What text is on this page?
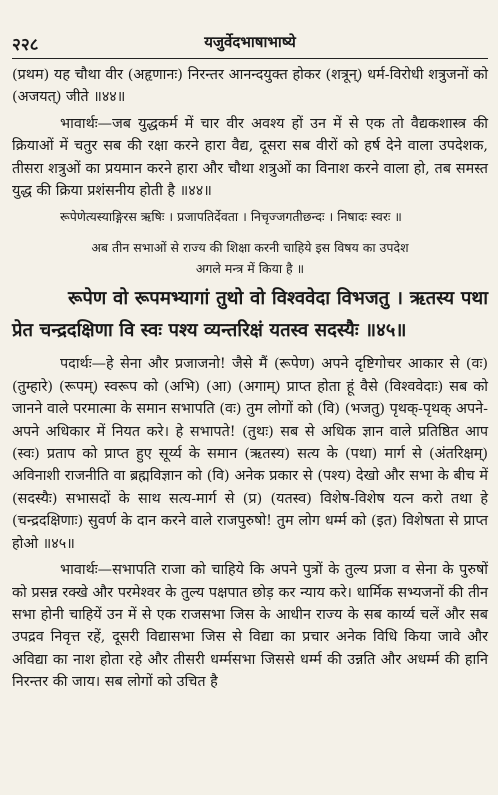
२२८	यजुर्वेदभाषाभाष्ये

(प्रथम) यह चौथा वीर (अहृणानः) निरन्तर आनन्दयुक्त होकर (शत्रून्) धर्म-विरोधी शत्रुजनों को (अजयत्) जीते ॥४४॥

भावार्थः—जब युद्धकर्म में चार वीर अवश्य हों उन में से एक तो वैद्यकशास्त्र की क्रियाओं में चतुर सब की रक्षा करने हारा वैद्य, दूसरा सब वीरों को हर्ष देने वाला उपदेशक, तीसरा शत्रुओं का प्रयमान करने हारा और चौथा शत्रुओं का विनाश करने वाला हो, तब समस्त युद्ध की क्रिया प्रशंसनीय होती है ॥४४॥

रूपेणेत्यस्याङ्गिरस ऋषिः । प्रजापतिर्देवता । निचृज्जगतीछन्दः । निषादः स्वरः ॥

अब तीन सभाओं से राज्य की शिक्षा करनी चाहिये इस विषय का उपदेश

अगले मन्त्र में किया है ॥

रूपेण वो रूपमभ्यागां तुथो वो विश्ववेदा विभजतु । ऋतस्य पथा प्रेत चन्द्रदक्षिणा वि स्वः पश्य व्यन्तरिक्षं यतस्व सदस्यैः ॥४५॥

पदार्थः—हे सेना और प्रजाजनो! जैसे मैं (रूपेण) अपने दृष्टिगोचर आकार से (वः) (तुम्हारे) (रूपम्) स्वरूप को (अभि) (आ) (अगाम्) प्राप्त होता हूं वैसे (विश्ववेदाः) सब को जानने वाले परमात्मा के समान सभापति (वः) तुम लोगों को (वि) (भजतु) पृथक्-पृथक् अपने-अपने अधिकार में नियत करे। हे सभापते! (तुथः) सब से अधिक ज्ञान वाले प्रतिष्ठित आप (स्वः) प्रताप को प्राप्त हुए सूर्य्य के समान (ऋतस्य) सत्य के (पथा) मार्ग से (अंतरिक्षम्) अविनाशी राजनीति वा ब्रह्मविज्ञान को (वि) अनेक प्रकार से (पश्य) देखो और सभा के बीच में (सदस्यैः) सभासदों के साथ सत्य-मार्ग से (प्र) (यतस्व) विशेष-विशेष यत्न करो तथा हे (चन्द्रदक्षिणाः) सुवर्ण के दान करने वाले राजपुरुषो! तुम लोग धर्म्म को (इत) विशेषता से प्राप्त होओ ॥४५॥

भावार्थः—सभापति राजा को चाहिये कि अपने पुत्रों के तुल्य प्रजा व सेना के पुरुषों को प्रसन्न रक्खे और परमेश्वर के तुल्य पक्षपात छोड़ कर न्याय करे। धार्मिक सभ्यजनों की तीन सभा होनी चाहियें उन में से एक राजसभा जिस के आधीन राज्य के सब कार्य्य चलें और सब उपद्रव निवृत्त रहें, दूसरी विद्यासभा जिस से विद्या का प्रचार अनेक विधि किया जावे और अविद्या का नाश होता रहे और तीसरी धर्म्मसभा जिससे धर्म्म की उन्नति और अधर्म्म की हानि निरन्तर की जाय। सब लोगों को उचित है
